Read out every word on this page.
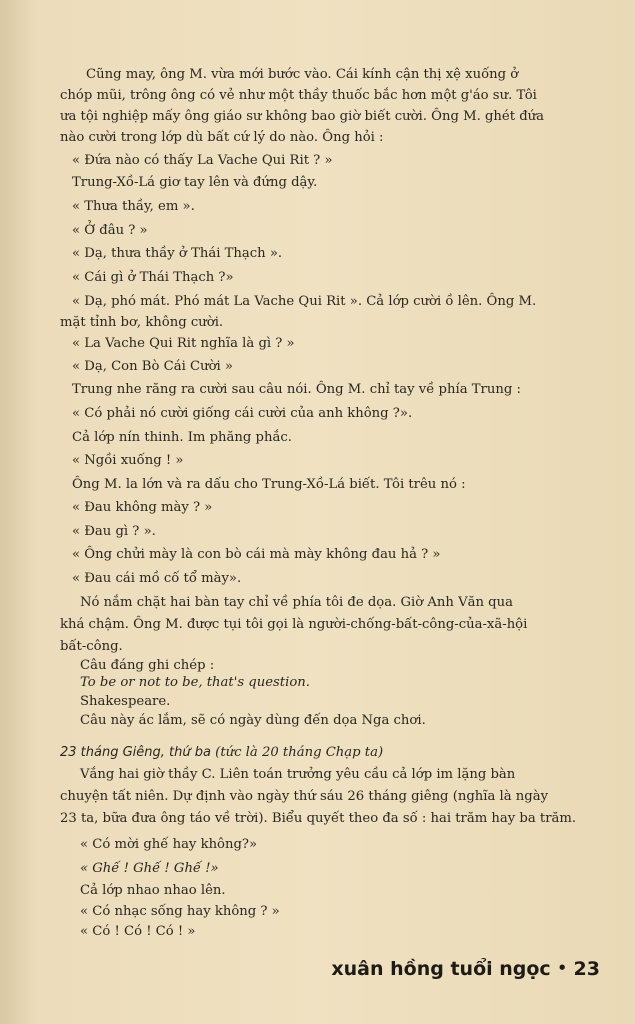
Cũng may, ông M. vừa mới bước vào. Cái kính cận thị xệ xuống ở

chóp mũi, trông ông có vẻ như một thầy thuốc bắc hơn một g'áo sư. Tôi

ưa tội nghiệp mấy ông giáo sư không bao giờ biết cười. Ông M. ghét đứa

nào cười trong lớp dù bất cứ lý do nào. Ông hỏi :

« Đứa nào có thấy La Vache Qui Rit ? »

Trung-Xồ-Lá giơ tay lên và đứng dậy.

« Thưa thầy, em ».

« Ở đâu ? »

« Dạ, thưa thầy ở Thái Thạch ».

« Cái gì ở Thái Thạch ?»

« Dạ, phó mát. Phó mát La Vache Qui Rit ». Cả lớp cười ồ lên. Ông M.

mặt tỉnh bơ, không cười.

« La Vache Qui Rit nghĩa là gì ? »

« Dạ, Con Bò Cái Cười »

Trung nhe răng ra cười sau câu nói. Ông M. chỉ tay về phía Trung :

« Có phải nó cười giống cái cười của anh không ?».

Cả lớp nín thinh. Im phăng phắc.

« Ngồi xuống ! »

Ông M. la lớn và ra dấu cho Trung-Xồ-Lá biết. Tôi trêu nó :

« Đau không mày ? »

« Đau gì ? ».

« Ông chửi mày là con bò cái mà mày không đau hả ? »

« Đau cái mồ cố tổ mày».

Nó nắm chặt hai bàn tay chỉ về phía tôi đe dọa. Giờ Anh Văn qua

khá chậm. Ông M. được tụi tôi gọi là người-chống-bất-công-của-xã-hội

bất-công.

Câu đáng ghi chép :

To be or not to be, that's question.

Shakespeare.

Câu này ác lắm, sẽ có ngày dùng đến dọa Nga chơi.

23 tháng Giêng, thứ ba (tức là 20 tháng Chạp ta)

Vắng hai giờ thầy C. Liên toán trưởng yêu cầu cả lớp im lặng bàn

chuyện tất niên. Dự định vào ngày thứ sáu 26 tháng giêng (nghĩa là ngày

23 ta, bữa đưa ông táo về trời). Biểu quyết theo đa số : hai trăm hay ba trăm.

« Có mời ghế hay không?»

« Ghế ! Ghế ! Ghế !»

Cả lớp nhao nhao lên.

« Có nhạc sống hay không ? »

« Có ! Có ! Có ! »

xuân hồng tuổi ngọc • 23
